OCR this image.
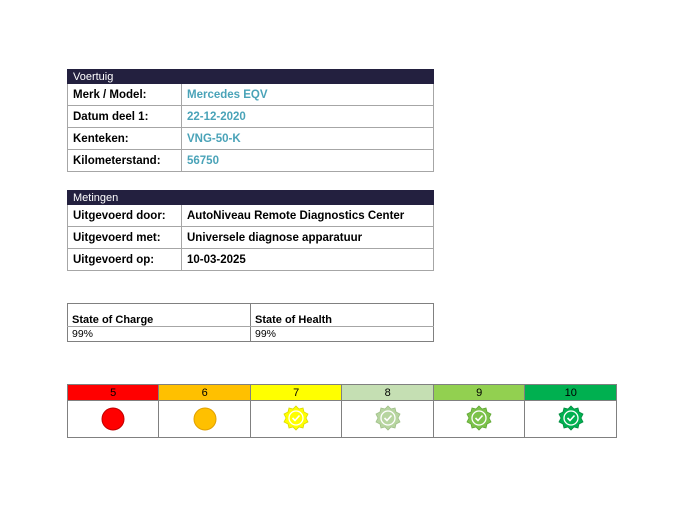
Voertuig	
Merk / Model:	Mercedes EQV
Datum deel 1:	22-12-2020
Kenteken:	VNG-50-K
Kilometerstand:	56750
Metingen	
Uitgevoerd door:	AutoNiveau Remote Diagnostics Center
Uitgevoerd met:	Universele diagnose apparatuur
Uitgevoerd op:	10-03-2025
State of Charge	State of Health
99%	99%
5	6	7	8	9	10
